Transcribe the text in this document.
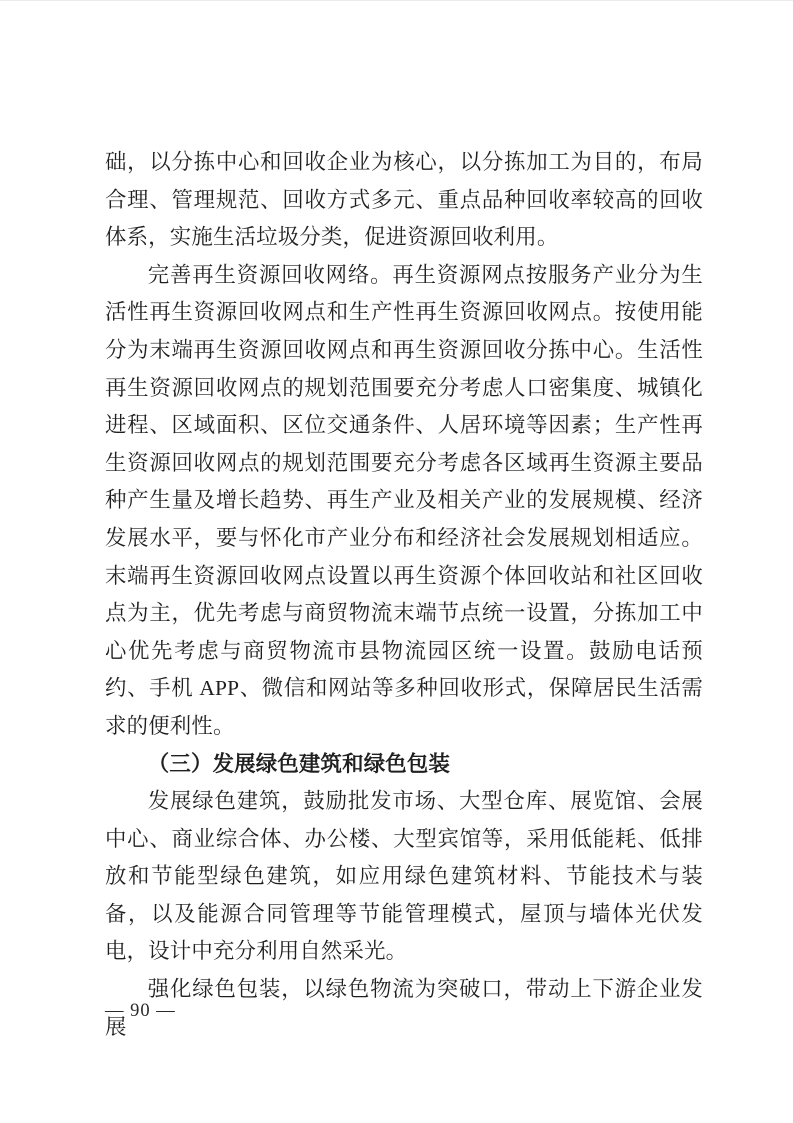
础，以分拣中心和回收企业为核心，以分拣加工为目的，布局合理、管理规范、回收方式多元、重点品种回收率较高的回收体系，实施生活垃圾分类，促进资源回收利用。

完善再生资源回收网络。再生资源网点按服务产业分为生活性再生资源回收网点和生产性再生资源回收网点。按使用能分为末端再生资源回收网点和再生资源回收分拣中心。生活性再生资源回收网点的规划范围要充分考虑人口密集度、城镇化进程、区域面积、区位交通条件、人居环境等因素；生产性再生资源回收网点的规划范围要充分考虑各区域再生资源主要品种产生量及增长趋势、再生产业及相关产业的发展规模、经济发展水平，要与怀化市产业分布和经济社会发展规划相适应。末端再生资源回收网点设置以再生资源个体回收站和社区回收点为主，优先考虑与商贸物流末端节点统一设置，分拣加工中心优先考虑与商贸物流市县物流园区统一设置。鼓励电话预约、手机 APP、微信和网站等多种回收形式，保障居民生活需求的便利性。

（三）发展绿色建筑和绿色包装

发展绿色建筑，鼓励批发市场、大型仓库、展览馆、会展中心、商业综合体、办公楼、大型宾馆等，采用低能耗、低排放和节能型绿色建筑，如应用绿色建筑材料、节能技术与装备，以及能源合同管理等节能管理模式，屋顶与墙体光伏发电，设计中充分利用自然采光。

强化绿色包装，以绿色物流为突破口，带动上下游企业发展

— 90 —
